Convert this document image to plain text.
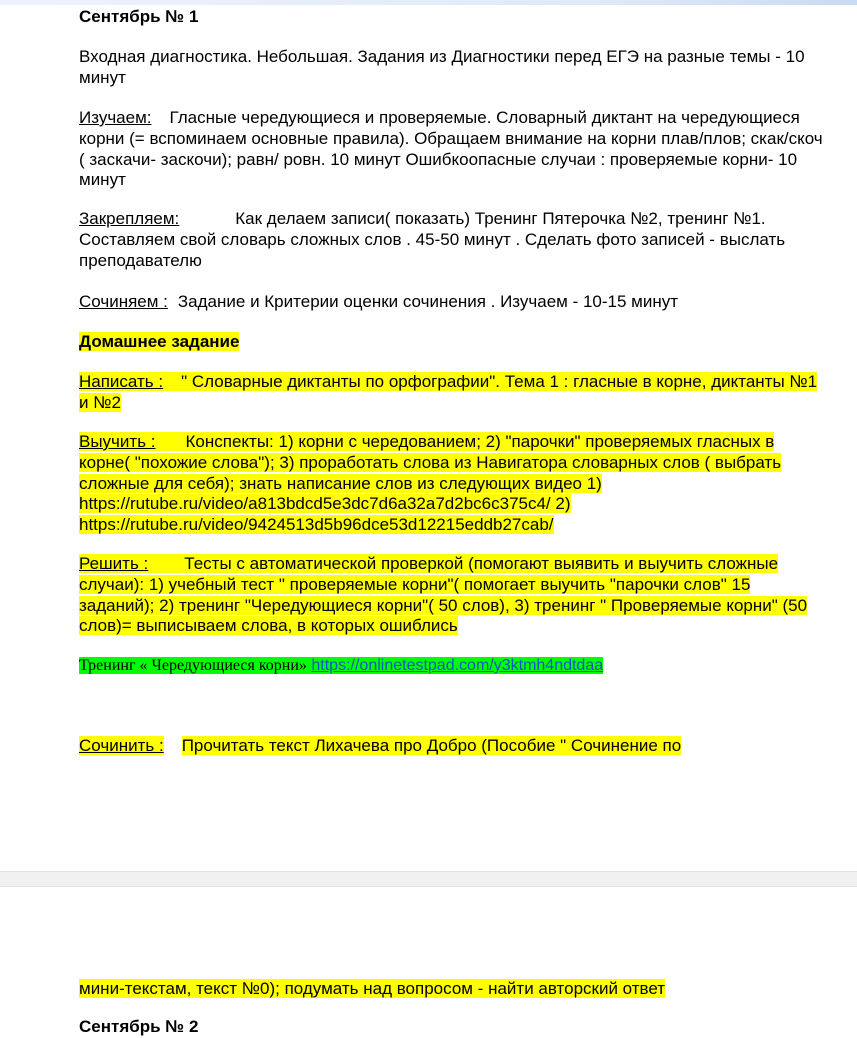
Сентябрь № 1
Входная диагностика. Небольшая. Задания из Диагностики перед ЕГЭ на разные темы - 10 минут
Изучаем: Гласные чередующиеся и проверяемые. Словарный диктант на чередующиеся корни (= вспоминаем основные правила). Обращаем внимание на корни плав/плов; скак/скоч ( заскачи- заскочи); равн/ ровн. 10 минут Ошибкоопасные случаи : проверяемые корни- 10 минут
Закрепляем:	Как делаем записи( показать) Тренинг Пятерочка №2, тренинг №1. Составляем свой словарь сложных слов . 45-50 минут . Сделать фото записей - выслать преподавателю
Сочиняем : Задание и Критерии оценки сочинения . Изучаем - 10-15 минут
Домашнее задание
Написать : " Словарные диктанты по орфографии". Тема 1 : гласные в корне, диктанты №1 и №2
Выучить : Конспекты: 1) корни с чередованием; 2) "парочки" проверяемых гласных в корне( "похожие слова"); 3) проработать слова из Навигатора словарных слов ( выбрать сложные для себя); знать написание слов из следующих видео 1) https://rutube.ru/video/a813bdcd5e3dc7d6a32a7d2bc6c375c4/ 2) https://rutube.ru/video/9424513d5b96dce53d12215eddb27cab/
Решить : Тесты с автоматической проверкой (помогают выявить и выучить сложные случаи): 1) учебный тест " проверяемые корни"( помогает выучить "парочки слов" 15 заданий); 2) тренинг "Чередующиеся корни"( 50 слов), 3) тренинг " Проверяемые корни" (50 слов)= выписываем слова, в которых ошиблись
Тренинг « Чередующиеся корни» https://onlinetestpad.com/y3ktmh4ndtdaa
Сочинить : Прочитать текст Лихачева про Добро (Пособие " Сочинение по
мини-текстам, текст №0); подумать над вопросом - найти авторский ответ
Сентябрь № 2
